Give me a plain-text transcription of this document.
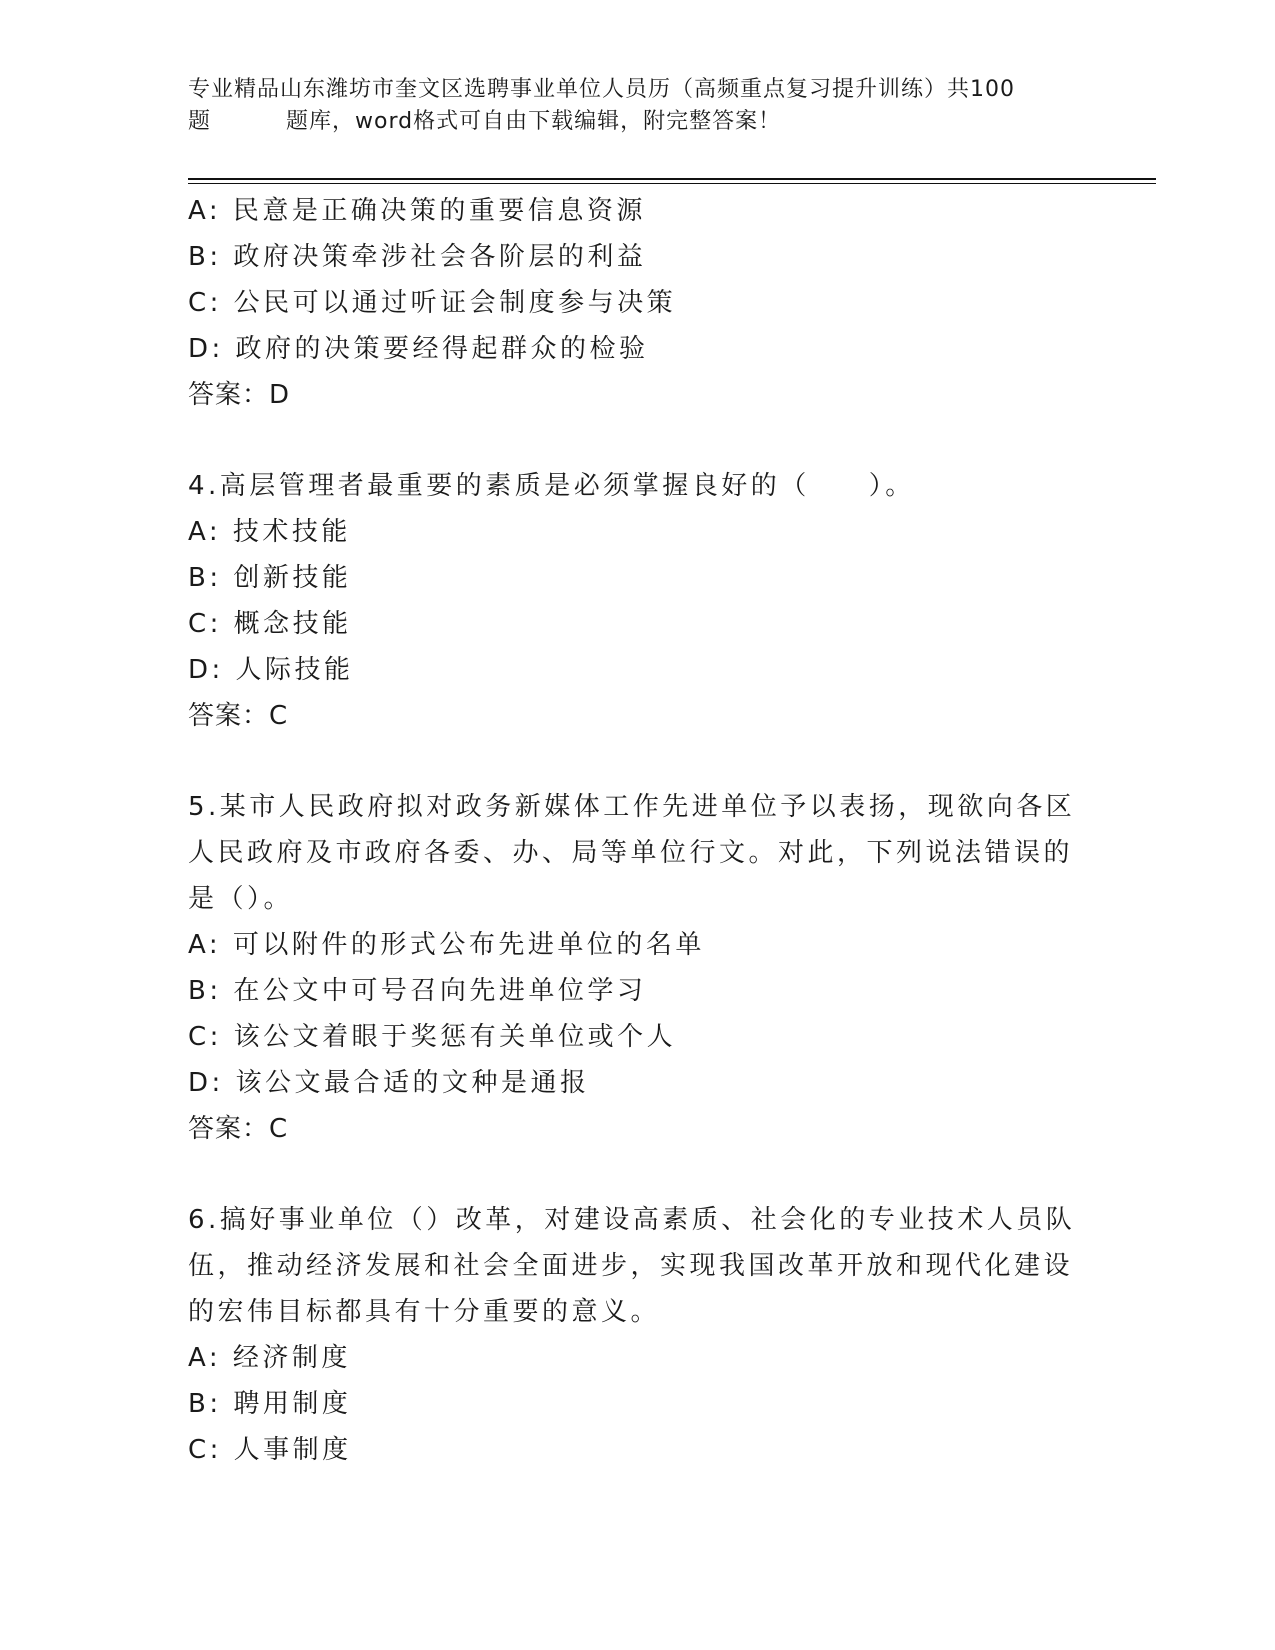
专业精品山东潍坊市奎文区选聘事业单位人员历（高频重点复习提升训练）共100
题	题库，word格式可自由下载编辑，附完整答案！
A: 民意是正确决策的重要信息资源
B: 政府决策牵涉社会各阶层的利益
C: 公民可以通过听证会制度参与决策
D: 政府的决策要经得起群众的检验
答案：D
4.高层管理者最重要的素质是必须掌握良好的（　　）。
A: 技术技能
B: 创新技能
C: 概念技能
D: 人际技能
答案：C
5.某市人民政府拟对政务新媒体工作先进单位予以表扬，现欲向各区
人民政府及市政府各委、办、局等单位行文。对此，下列说法错误的
是（）。
A: 可以附件的形式公布先进单位的名单
B: 在公文中可号召向先进单位学习
C: 该公文着眼于奖惩有关单位或个人
D: 该公文最合适的文种是通报
答案：C
6.搞好事业单位（）改革，对建设高素质、社会化的专业技术人员队
伍，推动经济发展和社会全面进步，实现我国改革开放和现代化建设
的宏伟目标都具有十分重要的意义。
A: 经济制度
B: 聘用制度
C: 人事制度
